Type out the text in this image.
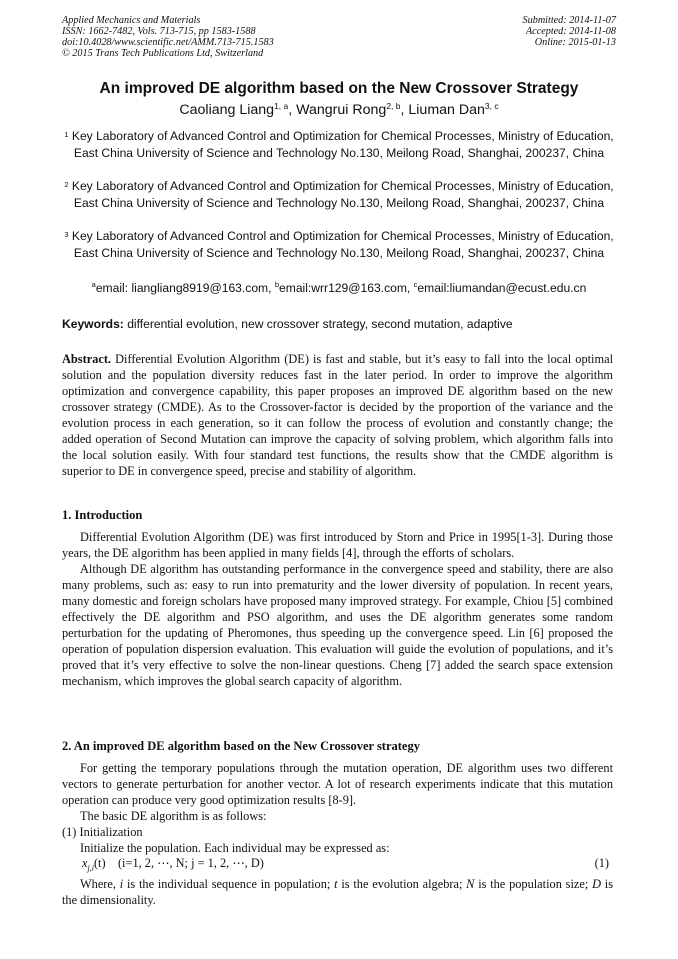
Applied Mechanics and Materials
ISSN: 1662-7482, Vols. 713-715, pp 1583-1588
doi:10.4028/www.scientific.net/AMM.713-715.1583
© 2015 Trans Tech Publications Ltd, Switzerland
Submitted: 2014-11-07
Accepted: 2014-11-08
Online: 2015-01-13
An improved DE algorithm based on the New Crossover Strategy
Caoliang Liang$^{1, a}$, Wangrui Rong$^{2, b}$, Liuman Dan$^{3, c}$
$^1$ Key Laboratory of Advanced Control and Optimization for Chemical Processes, Ministry of Education, East China University of Science and Technology No.130, Meilong Road, Shanghai, 200237, China
$^2$ Key Laboratory of Advanced Control and Optimization for Chemical Processes, Ministry of Education, East China University of Science and Technology No.130, Meilong Road, Shanghai, 200237, China
$^3$ Key Laboratory of Advanced Control and Optimization for Chemical Processes, Ministry of Education, East China University of Science and Technology No.130, Meilong Road, Shanghai, 200237, China
$^a$email: liangliang8919@163.com, $^b$email:wrr129@163.com, $^c$email:liumandan@ecust.edu.cn
Keywords: differential evolution, new crossover strategy, second mutation, adaptive

Abstract. Differential Evolution Algorithm (DE) is fast and stable, but it’s easy to fall into the local optimal solution and the population diversity reduces fast in the later period. In order to improve the algorithm optimization and convergence capability, this paper proposes an improved DE algorithm based on the new crossover strategy (CMDE). As to the Crossover-factor is decided by the proportion of the variance and the evolution process in each generation, so it can follow the process of evolution and constantly change; the added operation of Second Mutation can improve the capacity of solving problem, which algorithm falls into the local solution easily. With four standard test functions, the results show that the CMDE algorithm is superior to DE in convergence speed, precise and stability of algorithm.

1. Introduction

Differential Evolution Algorithm (DE) was first introduced by Storn and Price in 1995[1-3]. During those years, the DE algorithm has been applied in many fields [4], through the efforts of scholars.

Although DE algorithm has outstanding performance in the convergence speed and stability, there are also many problems, such as: easy to run into prematurity and the lower diversity of population. In recent years, many domestic and foreign scholars have proposed many improved strategy. For example, Chiou [5] combined effectively the DE algorithm and PSO algorithm, and uses the DE algorithm generates some random perturbation for the updating of Pheromones, thus speeding up the convergence speed. Lin [6] proposed the operation of population dispersion evaluation. This evaluation will guide the evolution of populations, and it’s proved that it’s very effective to solve the non-linear questions. Cheng [7] added the search space extension mechanism, which improves the global search capacity of algorithm.

2. An improved DE algorithm based on the New Crossover strategy

For getting the temporary populations through the mutation operation, DE algorithm uses two different vectors to generate perturbation for another vector. A lot of research experiments indicate that this mutation operation can produce very good optimization results [8-9].

The basic DE algorithm is as follows:

(1) Initialization

Initialize the population. Each individual may be expressed as:

$x_{j,i}(t)$ (i=1, 2, ⋯, N; j = 1, 2, ⋯, D)	(1)

Where, i is the individual sequence in population; t is the evolution algebra; N is the population size; D is the dimensionality.
